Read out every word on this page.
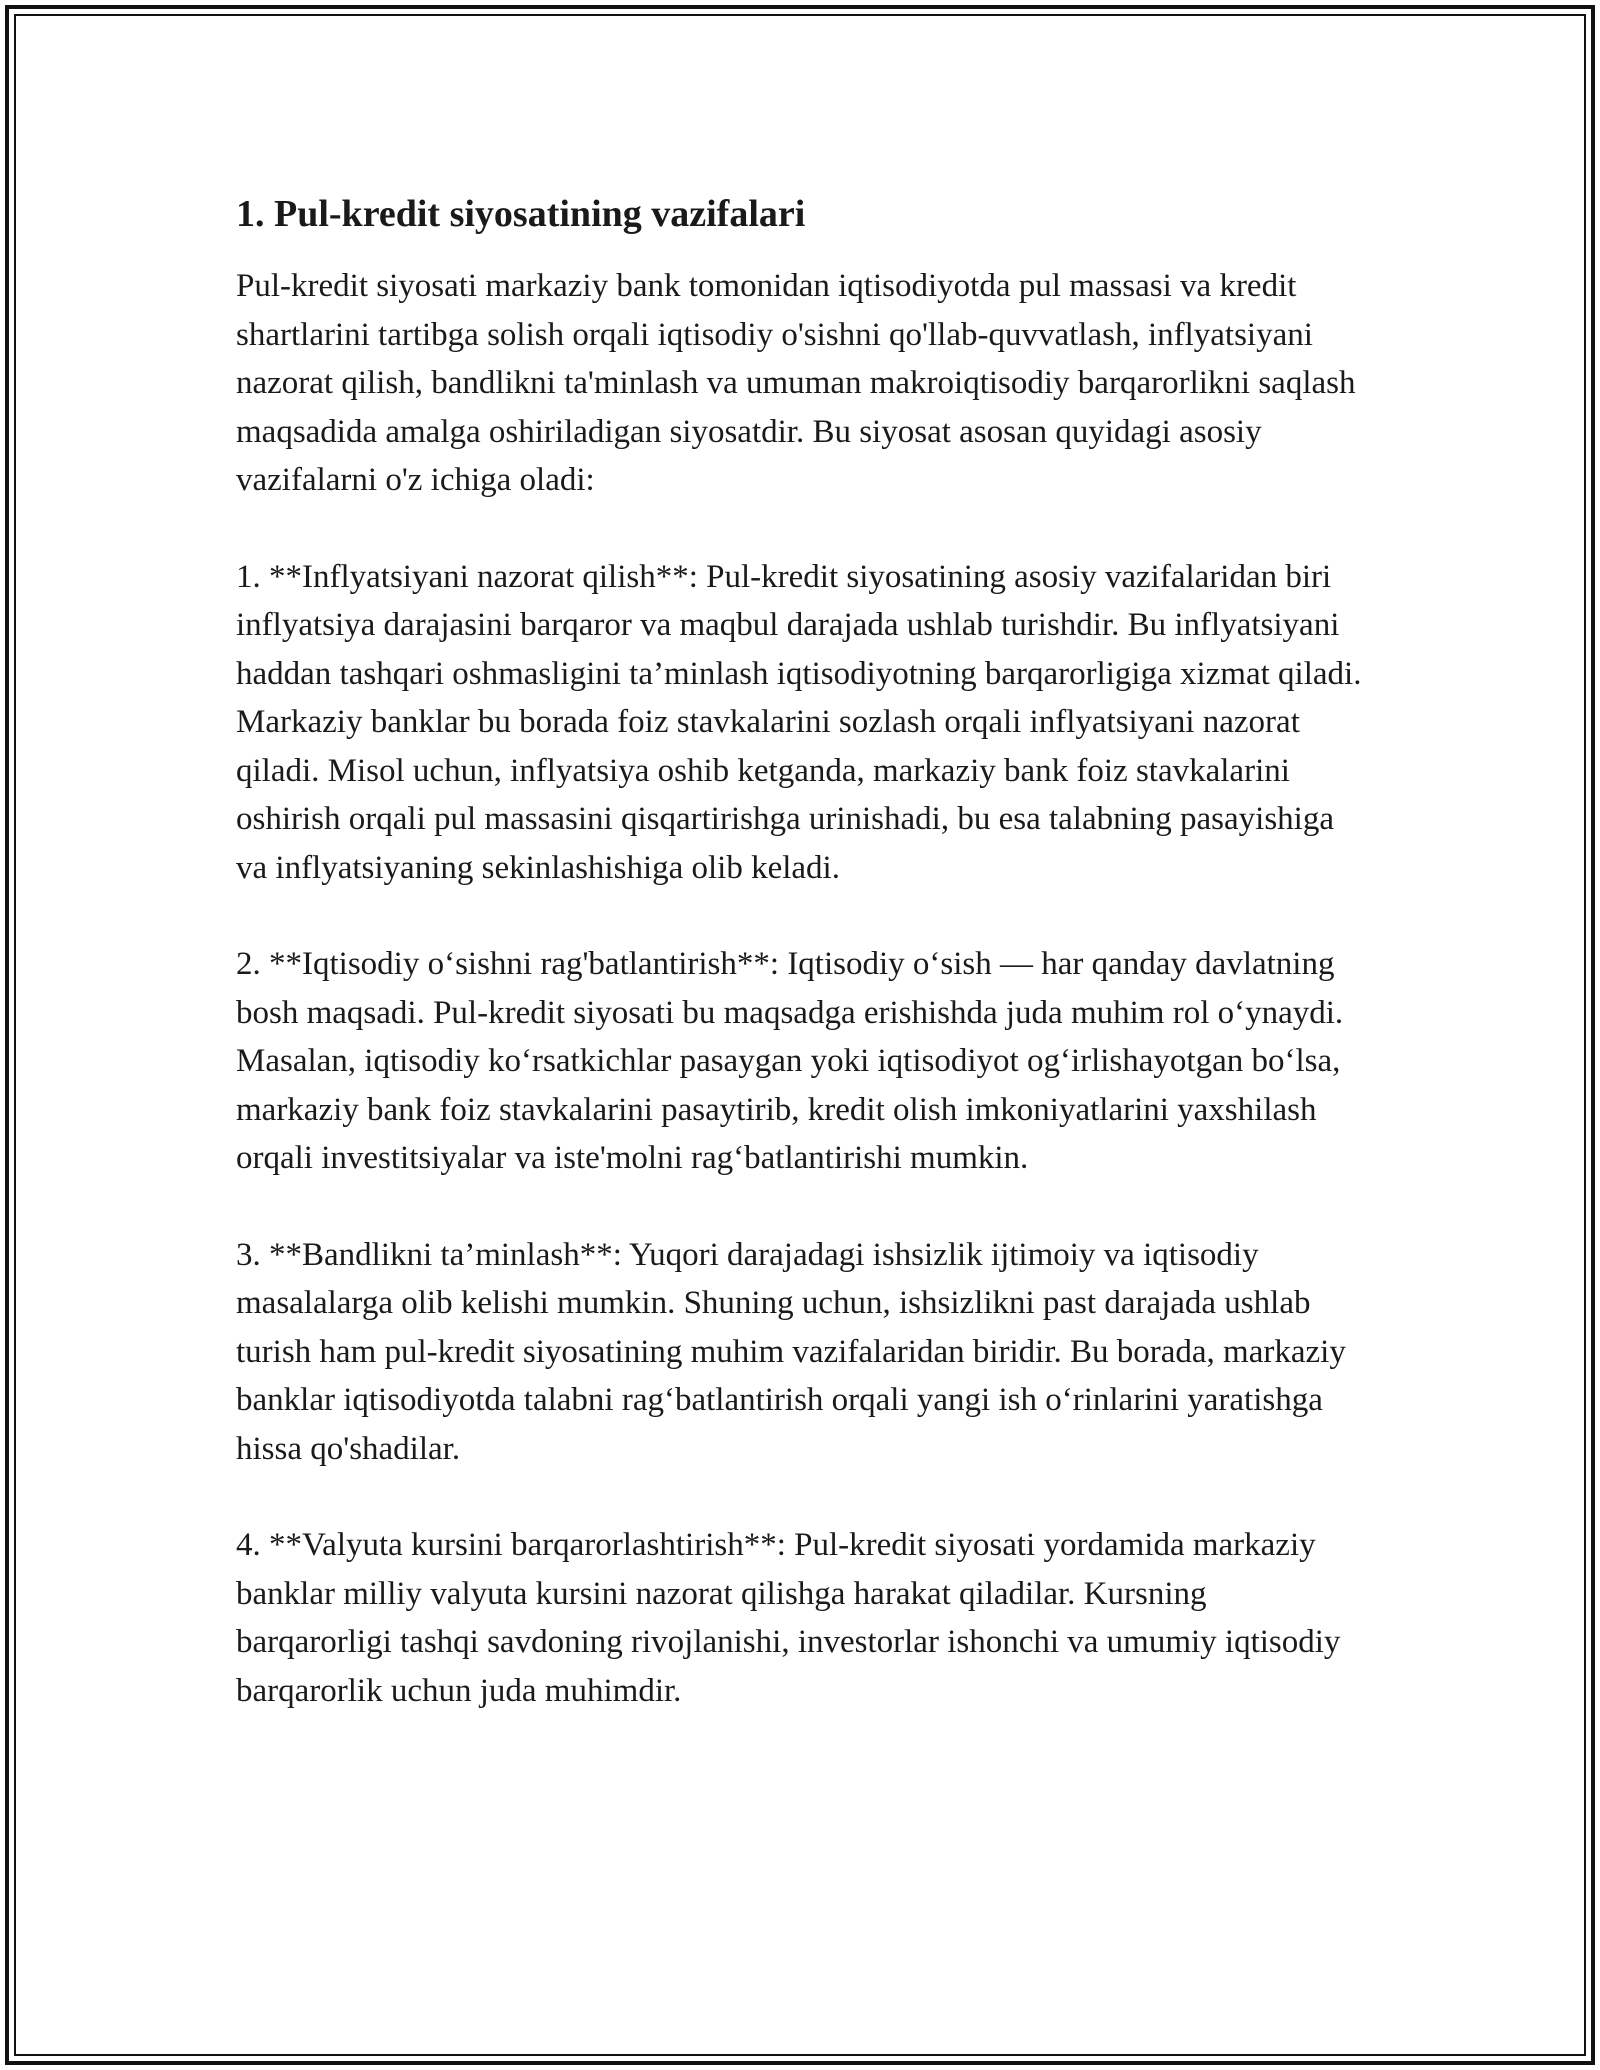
1. Pul-kredit siyosatining vazifalari

Pul-kredit siyosati markaziy bank tomonidan iqtisodiyotda pul massasi va kredit shartlarini tartibga solish orqali iqtisodiy o'sishni qo'llab-quvvatlash, inflyatsiyani nazorat qilish, bandlikni ta'minlash va umuman makroiqtisodiy barqarorlikni saqlash maqsadida amalga oshiriladigan siyosatdir. Bu siyosat asosan quyidagi asosiy vazifalarni o'z ichiga oladi:

1. **Inflyatsiyani nazorat qilish**: Pul-kredit siyosatining asosiy vazifalaridan biri inflyatsiya darajasini barqaror va maqbul darajada ushlab turishdir. Bu inflyatsiyani haddan tashqari oshmasligini ta’minlash iqtisodiyotning barqarorligiga xizmat qiladi. Markaziy banklar bu borada foiz stavkalarini sozlash orqali inflyatsiyani nazorat qiladi. Misol uchun, inflyatsiya oshib ketganda, markaziy bank foiz stavkalarini oshirish orqali pul massasini qisqartirishga urinishadi, bu esa talabning pasayishiga va inflyatsiyaning sekinlashishiga olib keladi.

2. **Iqtisodiy o‘sishni rag'batlantirish**: Iqtisodiy o‘sish — har qanday davlatning bosh maqsadi. Pul-kredit siyosati bu maqsadga erishishda juda muhim rol o‘ynaydi. Masalan, iqtisodiy ko‘rsatkichlar pasaygan yoki iqtisodiyot og‘irlishayotgan bo‘lsa, markaziy bank foiz stavkalarini pasaytirib, kredit olish imkoniyatlarini yaxshilash orqali investitsiyalar va iste'molni rag‘batlantirishi mumkin.

3. **Bandlikni ta’minlash**: Yuqori darajadagi ishsizlik ijtimoiy va iqtisodiy masalalarga olib kelishi mumkin. Shuning uchun, ishsizlikni past darajada ushlab turish ham pul-kredit siyosatining muhim vazifalaridan biridir. Bu borada, markaziy banklar iqtisodiyotda talabni rag‘batlantirish orqali yangi ish o‘rinlarini yaratishga hissa qo'shadilar.

4. **Valyuta kursini barqarorlashtirish**: Pul-kredit siyosati yordamida markaziy banklar milliy valyuta kursini nazorat qilishga harakat qiladilar. Kursning barqarorligi tashqi savdoning rivojlanishi, investorlar ishonchi va umumiy iqtisodiy barqarorlik uchun juda muhimdir.
